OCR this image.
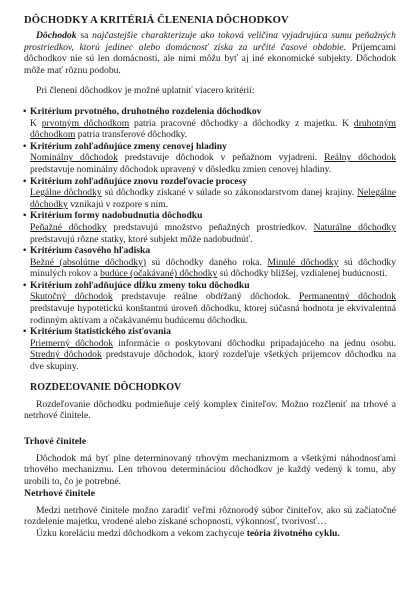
DÔCHODKY A KRITÉRIÁ ČLENENIA DÔCHODKOV

Dôchodok sa najčastejšie charakterizuje ako toková veličina vyjadrujúca sumu peňažných prostriedkov, ktorú jedinec alebo domácnosť získa za určité časové obdobie. Príjemcami dôchodkov nie sú len domácnosti, ale nimi môžu byť aj iné ekonomické subjekty. Dôchodok môže mať rôznu podobu.

Pri členení dôchodkov je možné uplatniť viacero kritérií:

• Kritérium prvotného, druhotného rozdelenia dôchodkov
K prvotným dôchodkom patria pracovné dôchodky a dôchodky z majetku. K druhotným dôchodkom patria transferové dôchodky.
• Kritérium zohľadňujúce zmeny cenovej hladiny
Nominálny dôchodok predstavuje dôchodok v peňažnom vyjadrení. Reálny dôchodok predstavuje nominálny dôchodok upravený v dôsledku zmien cenovej hladiny.
• Kritérium zohľadňujúce znovu rozdeľovacie procesy
Legálne dôchodky sú dôchodky získané v súlade so zákonodarstvom danej krajiny. Nelegálne dôchodky vznikajú v rozpore s ním.
• Kritérium formy nadobudnutia dôchodku
Peňažné dôchodky predstavujú množstvo peňažných prostriedkov. Naturálne dôchodky predstavujú rôzne statky, ktoré subjekt môže nadobudnúť.
• Kritérium časového hľadiska
Bežné (absolútne dôchodky) sú dôchodky daného roka. Minulé dôchodky sú dôchodky minulých rokov a budúce (očakávané) dôchodky sú dôchodky bližšej, vzdialenej budúcnosti.
• Kritérium zohľadňujúce dĺžku zmeny toku dôchodku
Skutočný dôchodok predstavuje reálne obdŕžaný dôchodok. Permanentný dôchodok predstavuje hypotetickú konštantnú úroveň dôchodku, ktorej súčasná hodnota je ekvivalentná rodinným aktívam a očakávanému budúcemu dôchodku.
• Kritérium štatistického zisťovania
Priemerný dôchodok informácie o poskytovaní dôchodku pripadajúceho na jednu osobu. Stredný dôchodok predstavuje dôchodok, ktorý rozdeľuje všetkých príjemcov dôchodku na dve skupiny.
ROZDEĽOVANIE DÔCHODKOV

Rozdeľovanie dôchodku podmieňuje celý komplex činiteľov. Možno rozčleniť na trhové a netrhové činitele.

Trhové činitele

Dôchodok má byť plne determinovaný trhovým mechanizmom a všetkými náhodnosťami trhového mechanizmu. Len trhovou determináciou dôchodkov je každý vedený k tomu, aby urobili to, čo je potrebné.

Netrhové činitele

Medzi netrhové činitele možno zaradiť veľmi rôznorodý súbor činiteľov, ako sú začiatočné rozdelenie majetku, vrodené alebo získané schopnosti, výkonnosť, tvorivosť…

Úzku koreláciu medzi dôchodkom a vekom zachycuje teória životného cyklu.
